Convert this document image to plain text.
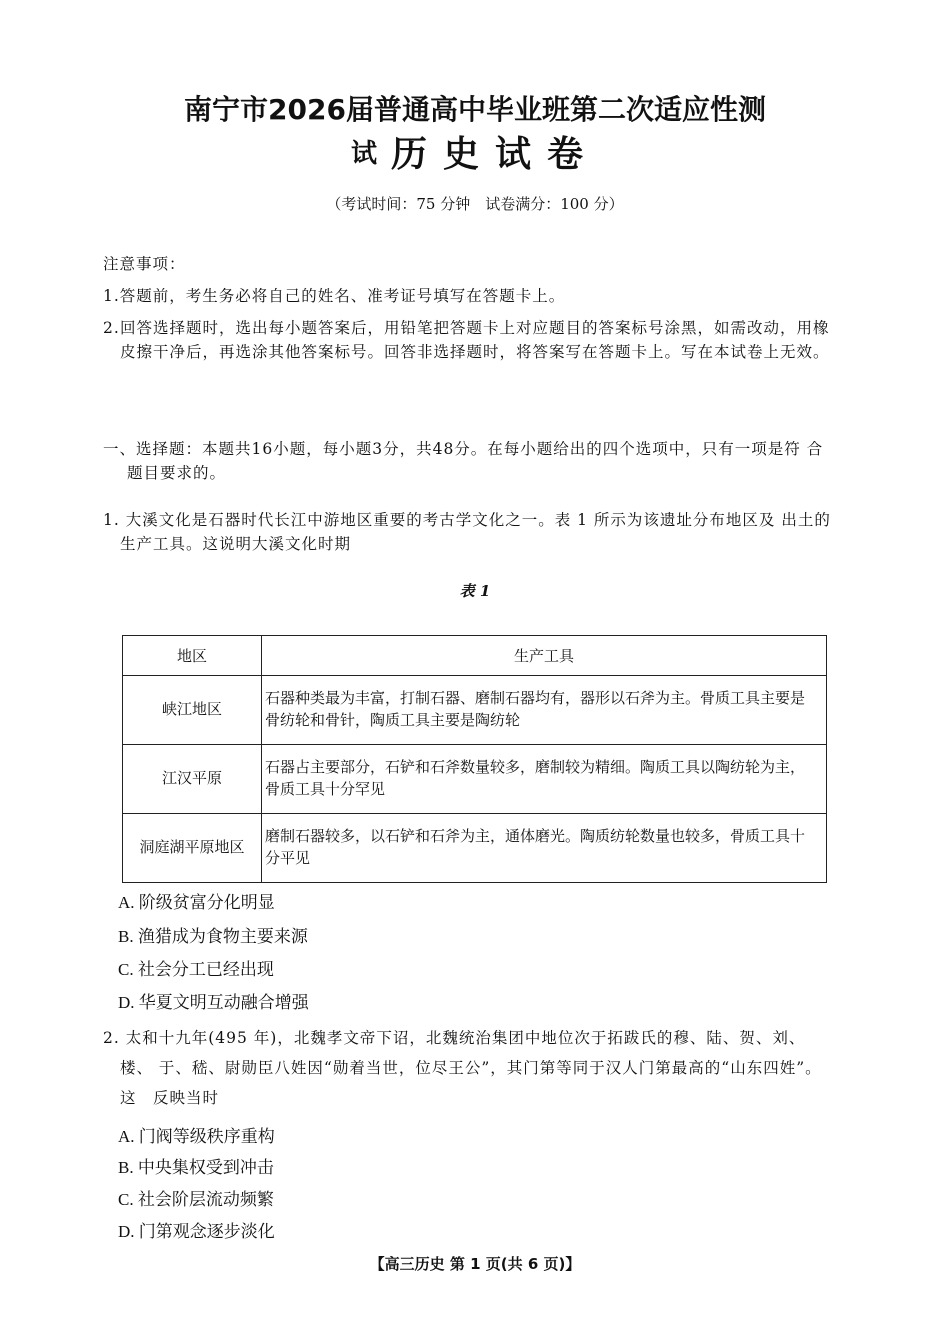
南宁市2026届普通高中毕业班第二次适应性测
试 历史试卷
（考试时间：75 分钟　试卷满分：100 分）
注意事项：
1.答题前，考生务必将自己的姓名、准考证号填写在答题卡上。
2. 回答选择题时，选出每小题答案后，用铅笔把答题卡上对应题目的答案标号涂黑，如需改动，用橡皮擦干净后，再选涂其他答案标号。回答非选择题时，将答案写在答题卡上。写在本试卷上无效。
一、选择题：本题共16小题，每小题3分，共48分。在每小题给出的四个选项中，只有一项是符 合题目要求的。
1. 大溪文化是石器时代长江中游地区重要的考古学文化之一。表 1 所示为该遗址分布地区及 出土的生产工具。这说明大溪文化时期
表 1
地区	生产工具
峡江地区	石器种类最为丰富，打制石器、磨制石器均有，器形以石斧为主。骨质工具主要是 骨纺轮和骨针，陶质工具主要是陶纺轮
江汉平原	石器占主要部分，石铲和石斧数量较多，磨制较为精细。陶质工具以陶纺轮为主，　骨质工具十分罕见
洞庭湖平原地区	磨制石器较多，以石铲和石斧为主，通体磨光。陶质纺轮数量也较多，骨质工具十 分平见
A. 阶级贫富分化明显
B. 渔猎成为食物主要来源
C. 社会分工已经出现
D. 华夏文明互动融合增强
2. 太和十九年(495 年)，北魏孝文帝下诏，北魏统治集团中地位次于拓跋氏的穆、陆、贺、刘、楼、 于、嵇、尉勋臣八姓因“勋着当世，位尽王公”，其门第等同于汉人门第最高的“山东四姓”。这　反映当时
A. 门阀等级秩序重构
B. 中央集权受到冲击
C. 社会阶层流动频繁
D. 门第观念逐步淡化
【高三历史 第 1 页(共 6 页)】
